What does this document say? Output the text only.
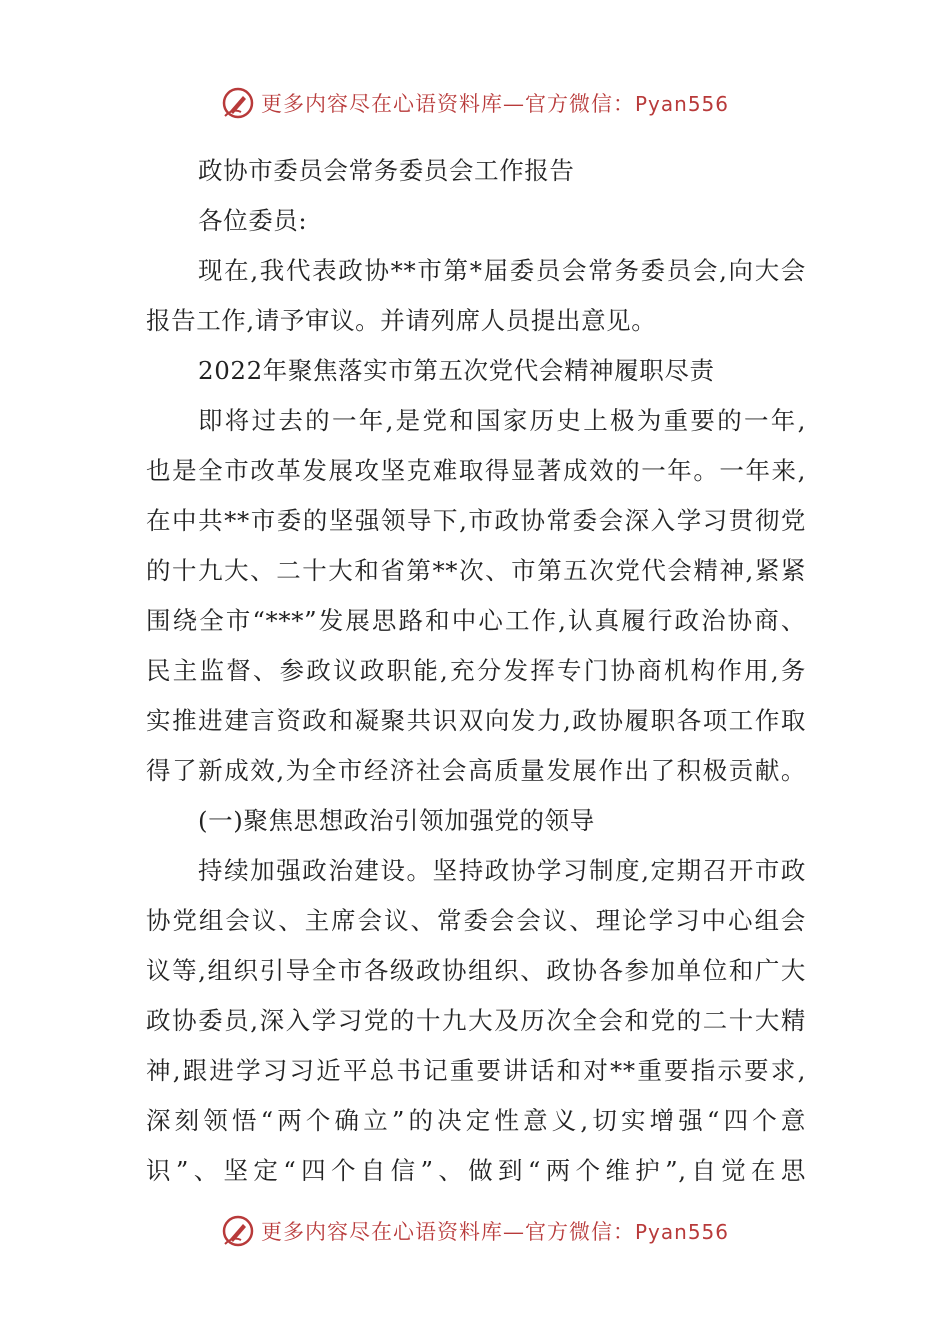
更多内容尽在心语资料库—官方微信：Pyan556
政协市委员会常务委员会工作报告
各位委员:
现在,我代表政协**市第*届委员会常务委员会,向大会
报告工作,请予审议。并请列席人员提出意见。
2022年聚焦落实市第五次党代会精神履职尽责
即将过去的一年,是党和国家历史上极为重要的一年,
也是全市改革发展攻坚克难取得显著成效的一年。一年来,
在中共**市委的坚强领导下,市政协常委会深入学习贯彻党
的十九大、二十大和省第**次、市第五次党代会精神,紧紧
围绕全市“***”发展思路和中心工作,认真履行政治协商、
民主监督、参政议政职能,充分发挥专门协商机构作用,务
实推进建言资政和凝聚共识双向发力,政协履职各项工作取
得了新成效,为全市经济社会高质量发展作出了积极贡献。
(一)聚焦思想政治引领加强党的领导
持续加强政治建设。坚持政协学习制度,定期召开市政
协党组会议、主席会议、常委会会议、理论学习中心组会
议等,组织引导全市各级政协组织、政协各参加单位和广大
政协委员,深入学习党的十九大及历次全会和党的二十大精
神,跟进学习习近平总书记重要讲话和对**重要指示要求,
深刻领悟“两个确立”的决定性意义,切实增强“四个意
识”、坚定“四个自信”、做到“两个维护”,自觉在思
更多内容尽在心语资料库—官方微信：Pyan556
